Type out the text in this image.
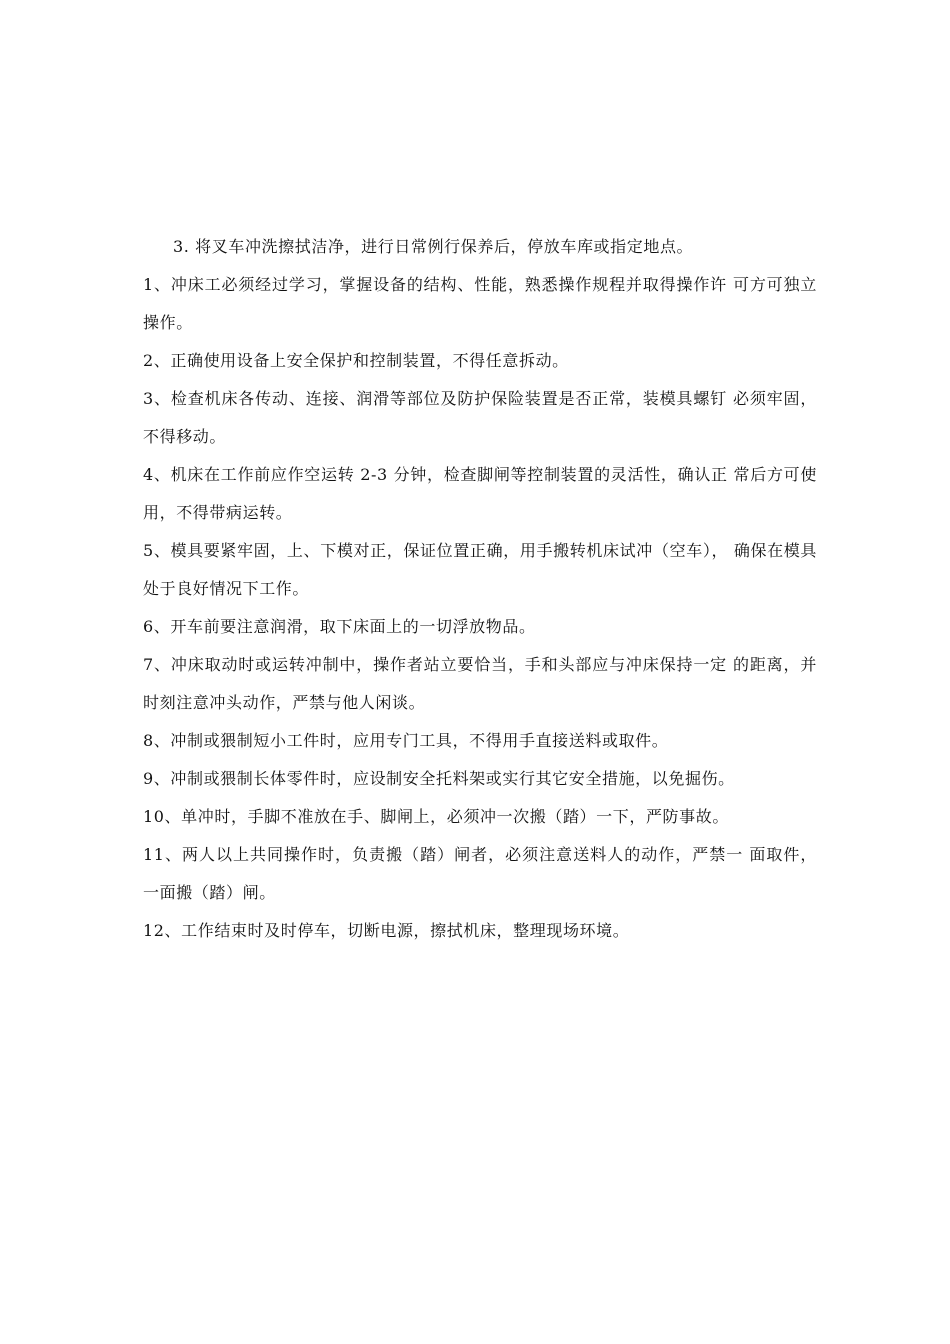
3. 将叉车冲洗擦拭洁净，进行日常例行保养后，停放车库或指定地点。

1、冲床工必须经过学习，掌握设备的结构、性能，熟悉操作规程并取得操作许 可方可独立操作。

2、正确使用设备上安全保护和控制装置，不得任意拆动。

3、检查机床各传动、连接、润滑等部位及防护保险装置是否正常，装模具螺钉 必须牢固，不得移动。

4、机床在工作前应作空运转 2-3 分钟，检查脚闸等控制装置的灵活性，确认正 常后方可使用，不得带病运转。

5、模具要紧牢固，上、下模对正，保证位置正确，用手搬转机床试冲（空车）， 确保在模具处于良好情况下工作。

6、开车前要注意润滑，取下床面上的一切浮放物品。

7、冲床取动时或运转冲制中，操作者站立要恰当，手和头部应与冲床保持一定 的距离，并时刻注意冲头动作，严禁与他人闲谈。

8、冲制或猥制短小工件时，应用专门工具，不得用手直接送料或取件。

9、冲制或猥制长体零件时，应设制安全托料架或实行其它安全措施，以免掘伤。

10、单冲时，手脚不准放在手、脚闸上，必须冲一次搬（踏）一下，严防事故。

11、两人以上共同操作时，负责搬（踏）闸者，必须注意送料人的动作，严禁一 面取件，一面搬（踏）闸。

12、工作结束时及时停车，切断电源，擦拭机床，整理现场环境。
